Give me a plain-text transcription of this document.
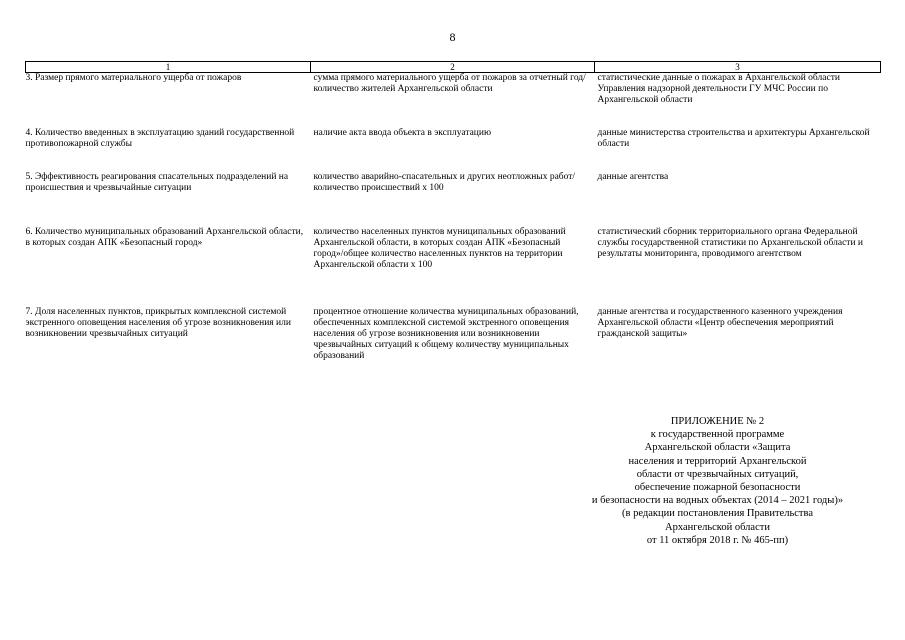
8
1	2	3
3. Размер прямого материального ущерба от пожаров	сумма прямого материального ущерба от пожаров за отчетный год/количество жителей Архангельской области	статистические данные о пожарах в Архангельской области Управления надзорной деятельности ГУ МЧС России по Архангельской области
4. Количество введенных в эксплуатацию зданий государственной противопожарной службы	наличие акта ввода объекта в эксплуатацию	данные министерства строительства и архитектуры Архангельской области
5. Эффективность реагирования спасательных подразделений на происшествия и чрезвычайные ситуации	количество аварийно-спасательных и других неотложных работ/количество происшествий х 100	данные агентства
6. Количество муниципальных образований Архангельской области, в которых создан АПК «Безопасный город»	количество населенных пунктов муниципальных образований Архангельской области, в которых создан АПК «Безопасный город»/общее количество населенных пунктов на территории Архангельской области х 100	статистический сборник территориального органа Федеральной службы государственной статистики по Архангельской области и результаты мониторинга, проводимого агентством
7. Доля населенных пунктов, прикрытых комплексной системой экстренного оповещения населения об угрозе возникновения или возникновении чрезвычайных ситуаций	процентное отношение количества муниципальных образований, обеспеченных комплексной системой экстренного оповещения населения об угрозе возникновения или возникновении чрезвычайных ситуаций к общему количеству муниципальных образований	данные агентства и государственного казенного учреждения Архангельской области «Центр обеспечения мероприятий гражданской защиты»
ПРИЛОЖЕНИЕ № 2
к государственной программе
Архангельской области «Защита
населения и территорий Архангельской
области от чрезвычайных ситуаций,
обеспечение пожарной безопасности
и безопасности на водных объектах (2014 – 2021 годы)»
(в редакции постановления Правительства
Архангельской области
от 11 октября 2018 г. № 465-пп)
